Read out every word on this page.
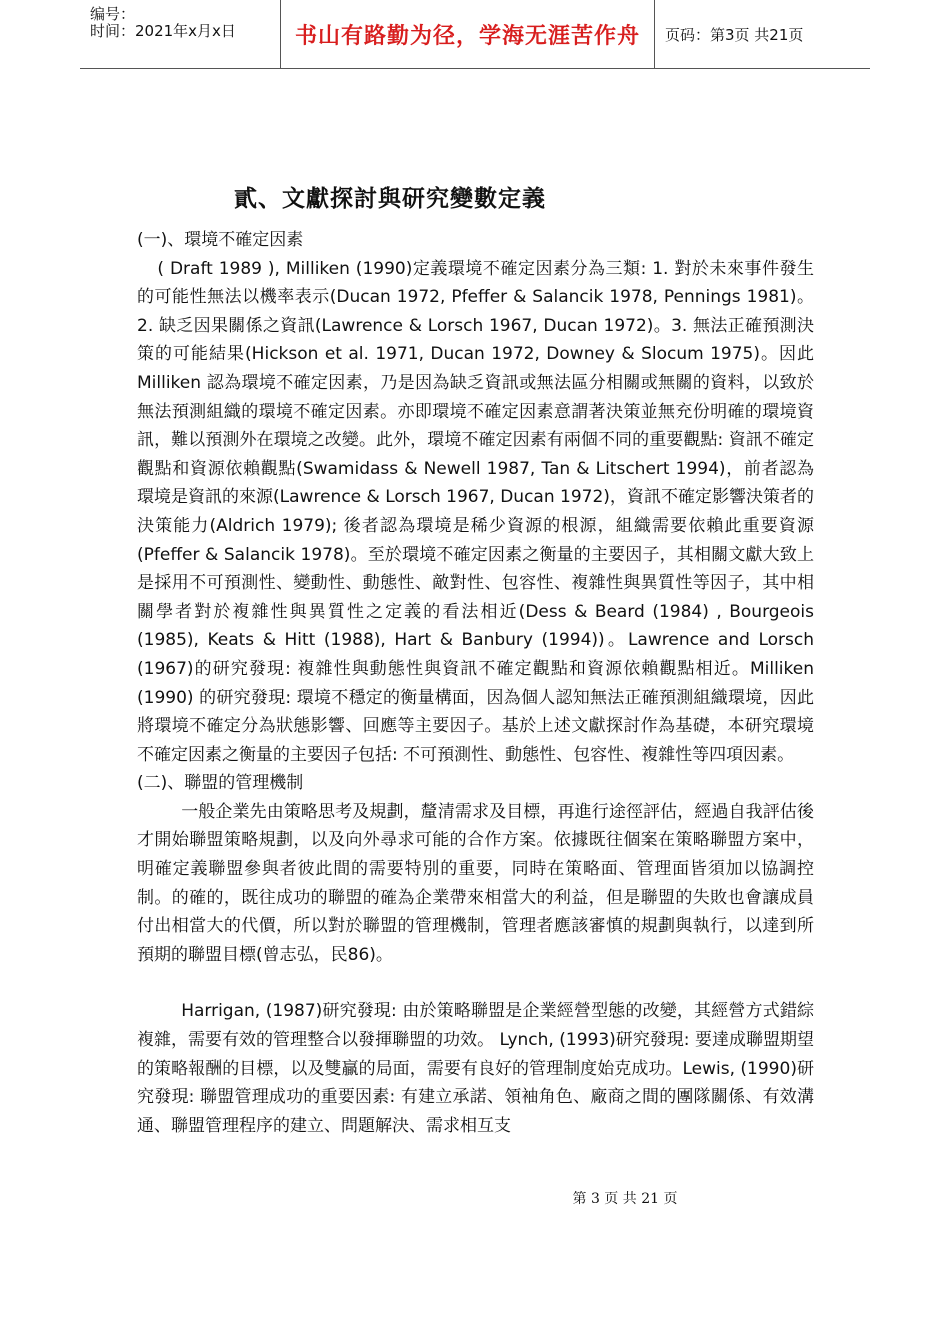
编号：
时间：2021年x月x日	书山有路勤为径，学海无涯苦作舟 页码：第3页 共21页
貳、文獻探討與研究變數定義
(一)、環境不確定因素

( Draft 1989 ), Milliken (1990)定義環境不確定因素分為三類: 1. 對於未來事件發生的可能性無法以機率表示(Ducan 1972, Pfeffer & Salancik 1978, Pennings 1981)。2. 缺乏因果關係之資訊(Lawrence & Lorsch 1967, Ducan 1972)。3. 無法正確預測決策的可能結果(Hickson et al. 1971, Ducan 1972, Downey & Slocum 1975)。因此 Milliken 認為環境不確定因素，乃是因為缺乏資訊或無法區分相關或無關的資料，以致於無法預測組織的環境不確定因素。亦即環境不確定因素意謂著決策並無充份明確的環境資訊，難以預測外在環境之改變。此外，環境不確定因素有兩個不同的重要觀點: 資訊不確定觀點和資源依賴觀點(Swamidass & Newell 1987, Tan & Litschert 1994)，前者認為環境是資訊的來源(Lawrence & Lorsch 1967, Ducan 1972)，資訊不確定影響決策者的決策能力(Aldrich 1979); 後者認為環境是稀少資源的根源，組織需要依賴此重要資源(Pfeffer & Salancik 1978)。至於環境不確定因素之衡量的主要因子，其相關文獻大致上是採用不可預測性、變動性、動態性、敵對性、包容性、複雜性與異質性等因子，其中相關學者對於複雜性與異質性之定義的看法相近(Dess & Beard (1984) , Bourgeois (1985), Keats & Hitt (1988), Hart & Banbury (1994))。Lawrence and Lorsch (1967)的研究發現: 複雜性與動態性與資訊不確定觀點和資源依賴觀點相近。Milliken (1990) 的研究發現: 環境不穩定的衡量構面，因為個人認知無法正確預測組織環境，因此將環境不確定分為狀態影響、回應等主要因子。基於上述文獻探討作為基礎，本研究環境不確定因素之衡量的主要因子包括: 不可預測性、動態性、包容性、複雜性等四項因素。

(二)、聯盟的管理機制

一般企業先由策略思考及規劃，釐清需求及目標，再進行途徑評估，經過自我評估後才開始聯盟策略規劃，以及向外尋求可能的合作方案。依據既往個案在策略聯盟方案中，明確定義聯盟參與者彼此間的需要特別的重要，同時在策略面、管理面皆須加以協調控制。的確的，既往成功的聯盟的確為企業帶來相當大的利益，但是聯盟的失敗也會讓成員付出相當大的代價，所以對於聯盟的管理機制，管理者應該審慎的規劃與執行，以達到所預期的聯盟目標(曾志弘，民86)。

Harrigan, (1987)研究發現: 由於策略聯盟是企業經營型態的改變，其經營方式錯綜複雜，需要有效的管理整合以發揮聯盟的功效。 Lynch, (1993)研究發現: 要達成聯盟期望的策略報酬的目標，以及雙贏的局面，需要有良好的管理制度始克成功。Lewis, (1990)研究發現: 聯盟管理成功的重要因素: 有建立承諾、領袖角色、廠商之間的團隊關係、有效溝通、聯盟管理程序的建立、問題解決、需求相互支

第 3 页 共 21 页
